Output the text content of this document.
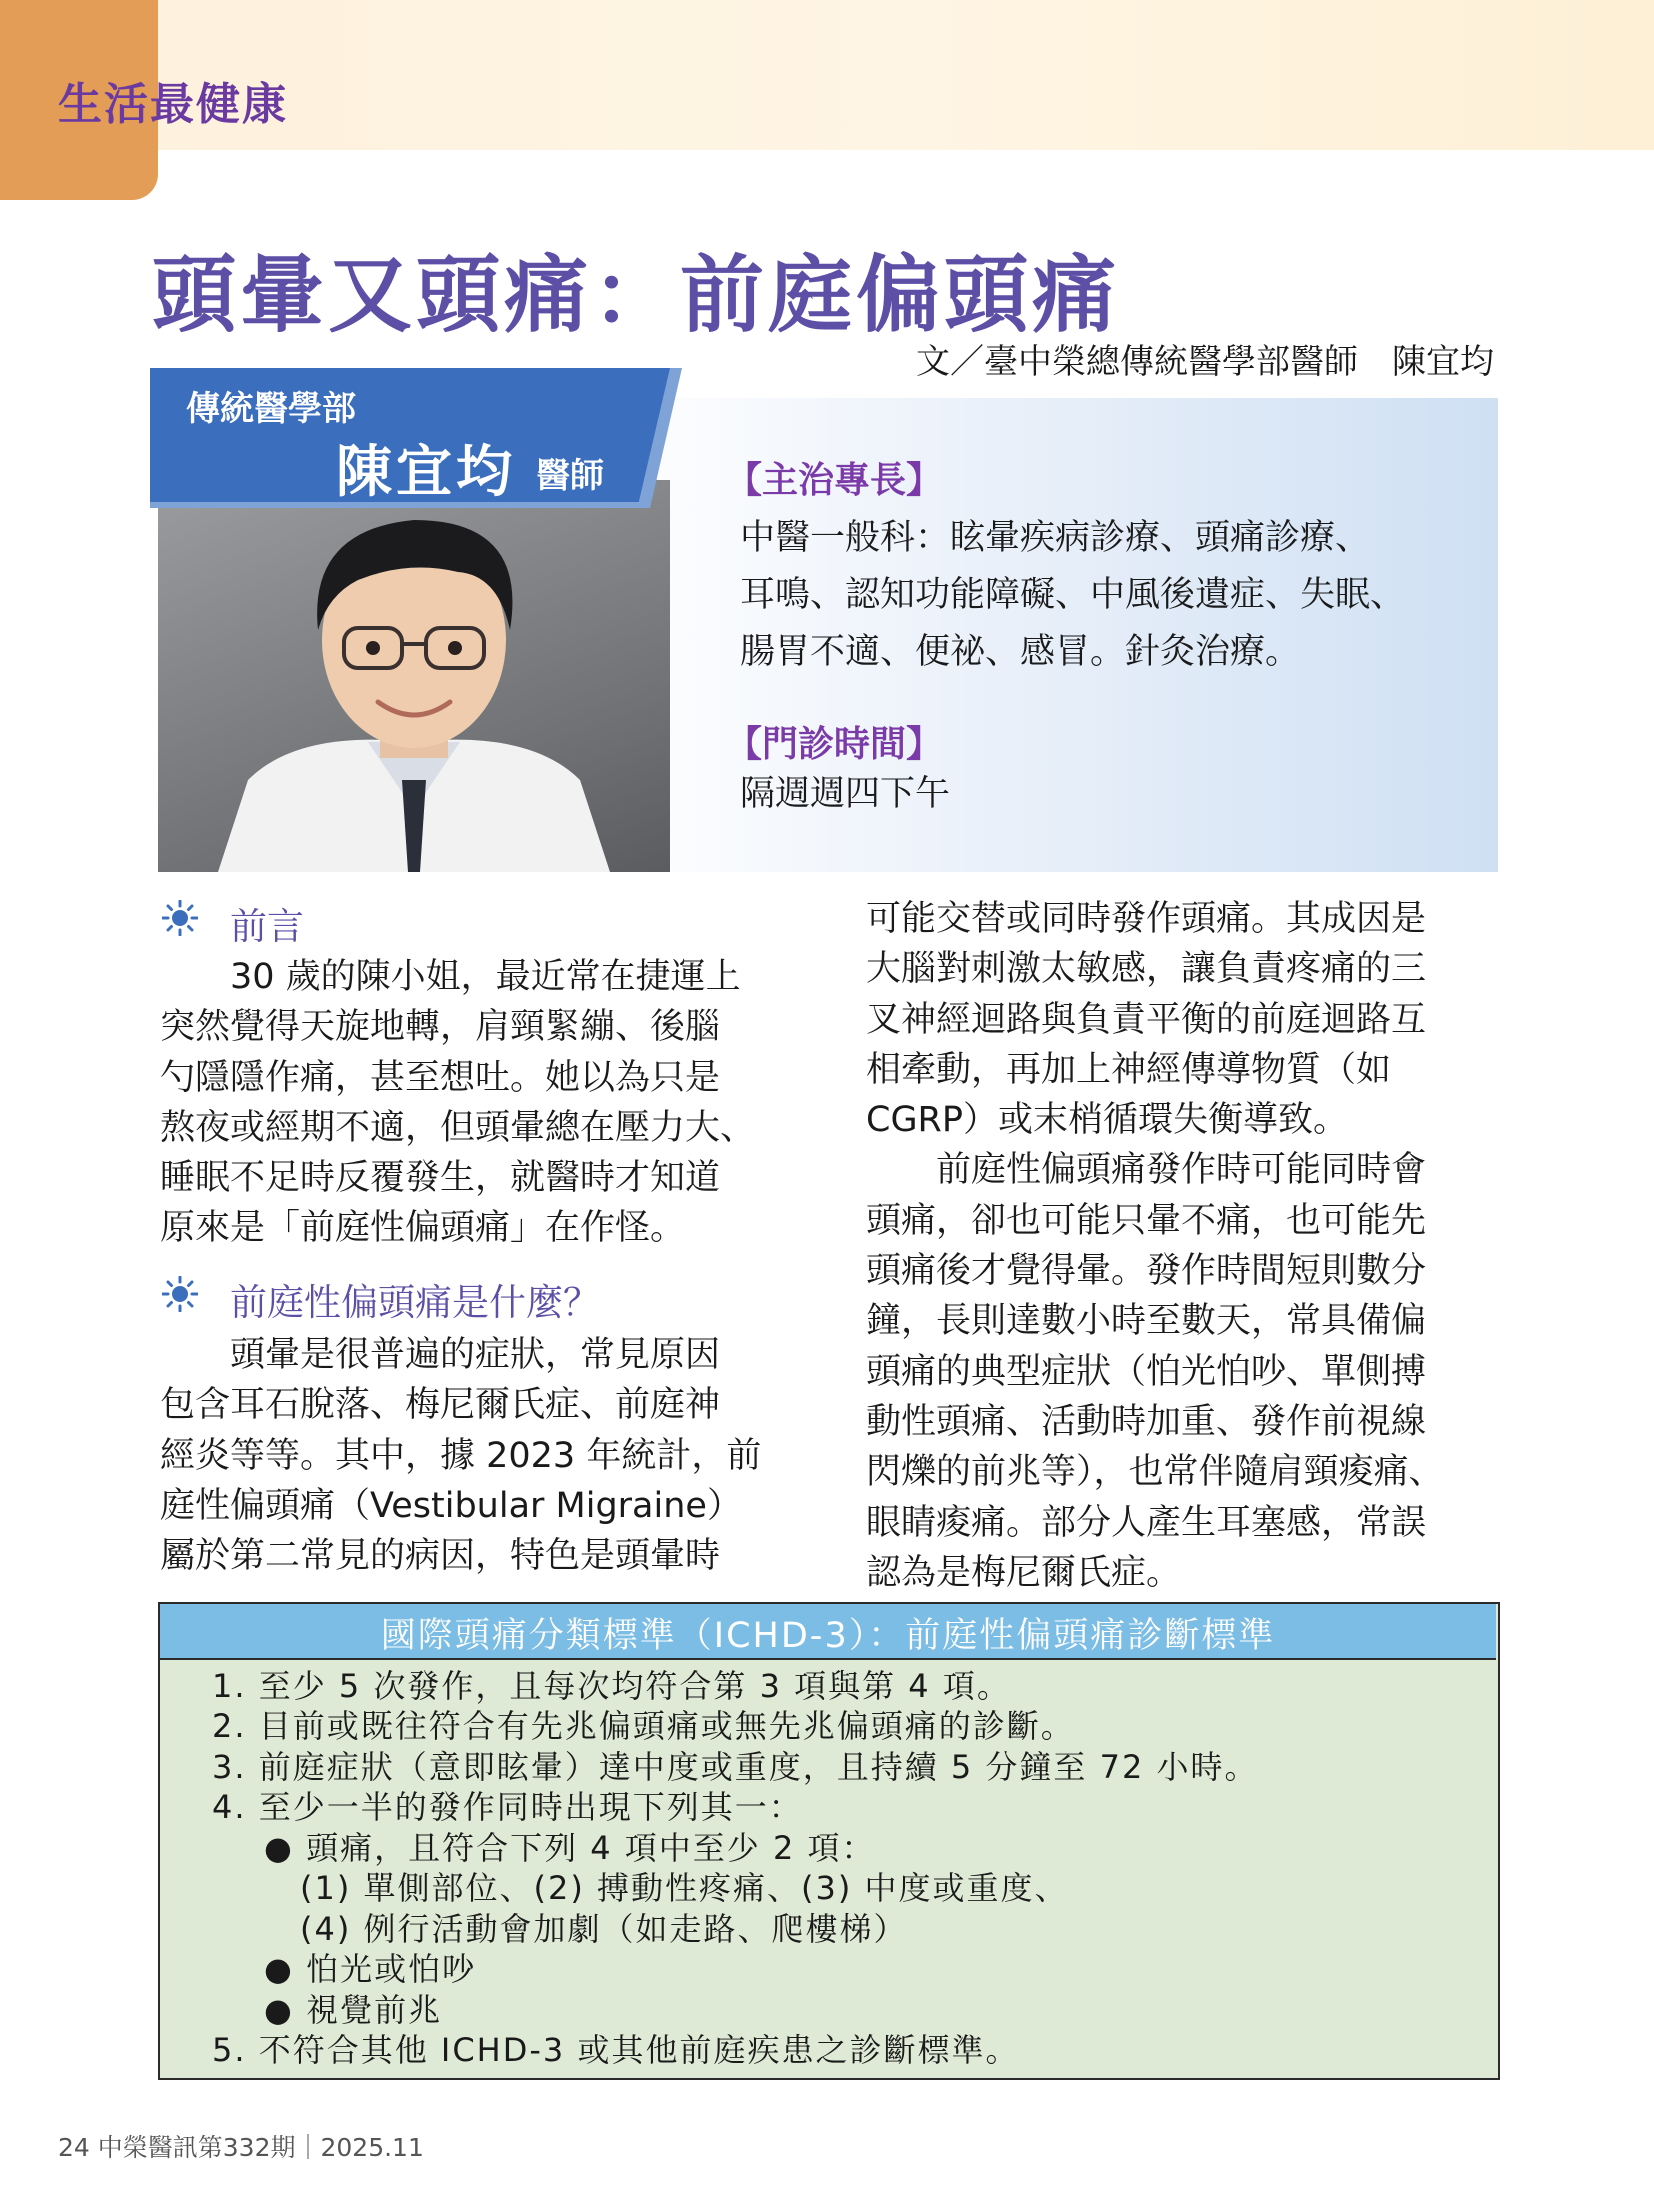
生活最健康
頭暈又頭痛：前庭偏頭痛
文／臺中榮總傳統醫學部醫師　陳宜均
傳統醫學部
陳宜均 醫師	【主治專長】
中醫一般科：眩暈疾病診療、頭痛診療、
耳鳴、認知功能障礙、中風後遺症、失眠、
腸胃不適、便祕、感冒。針灸治療。
【門診時間】
隔週週四下午
前言
　　30 歲的陳小姐，最近常在捷運上
突然覺得天旋地轉，肩頸緊繃、後腦
勺隱隱作痛，甚至想吐。她以為只是
熬夜或經期不適，但頭暈總在壓力大、
睡眠不足時反覆發生，就醫時才知道
原來是「前庭性偏頭痛」在作怪。
前庭性偏頭痛是什麼？
　　頭暈是很普遍的症狀，常見原因
包含耳石脫落、梅尼爾氏症、前庭神
經炎等等。其中，據 2023 年統計，前
庭性偏頭痛（Vestibular Migraine）
屬於第二常見的病因，特色是頭暈時
可能交替或同時發作頭痛。其成因是
大腦對刺激太敏感，讓負責疼痛的三
叉神經迴路與負責平衡的前庭迴路互
相牽動，再加上神經傳導物質（如
CGRP）或末梢循環失衡導致。
　　前庭性偏頭痛發作時可能同時會
頭痛，卻也可能只暈不痛，也可能先
頭痛後才覺得暈。發作時間短則數分
鐘，長則達數小時至數天，常具備偏
頭痛的典型症狀（怕光怕吵、單側搏
動性頭痛、活動時加重、發作前視線
閃爍的前兆等），也常伴隨肩頸痠痛、
眼睛痠痛。部分人產生耳塞感，常誤
認為是梅尼爾氏症。
國際頭痛分類標準（ICHD-3）：前庭性偏頭痛診斷標準
1. 至少 5 次發作，且每次均符合第 3 項與第 4 項。
2. 目前或既往符合有先兆偏頭痛或無先兆偏頭痛的診斷。
3. 前庭症狀（意即眩暈）達中度或重度，且持續 5 分鐘至 72 小時。
4. 至少一半的發作同時出現下列其一：
● 頭痛，且符合下列 4 項中至少 2 項：
(1) 單側部位、(2) 搏動性疼痛、(3) 中度或重度、
(4) 例行活動會加劇（如走路、爬樓梯）
● 怕光或怕吵
● 視覺前兆
5. 不符合其他 ICHD-3 或其他前庭疾患之診斷標準。
24 中榮醫訊第332期｜2025.11
